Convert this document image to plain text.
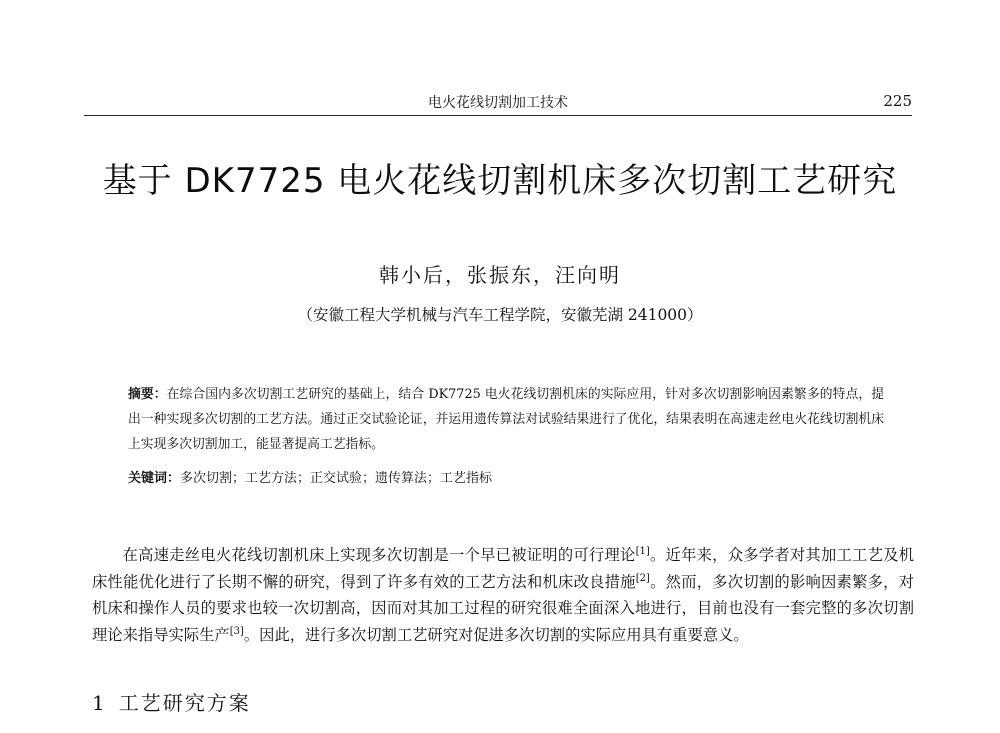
电火花线切割加工技术	225
基于 DK7725 电火花线切割机床多次切割工艺研究
韩小后，张振东，汪向明
（安徽工程大学机械与汽车工程学院，安徽芜湖 241000）
摘要：在综合国内多次切割工艺研究的基础上，结合 DK7725 电火花线切割机床的实际应用，针对多次切割影响因素繁多的特点，提出一种实现多次切割的工艺方法。通过正交试验论证，并运用遗传算法对试验结果进行了优化，结果表明在高速走丝电火花线切割机床上实现多次切割加工，能显著提高工艺指标。
关键词：多次切割；工艺方法；正交试验；遗传算法；工艺指标

在高速走丝电火花线切割机床上实现多次切割是一个早已被证明的可行理论[1]。近年来，众多学者对其加工工艺及机床性能优化进行了长期不懈的研究，得到了许多有效的工艺方法和机床改良措施[2]。然而，多次切割的影响因素繁多，对机床和操作人员的要求也较一次切割高，因而对其加工过程的研究很难全面深入地进行，目前也没有一套完整的多次切割理论来指导实际生产[3]。因此，进行多次切割工艺研究对促进多次切割的实际应用具有重要意义。

1 工艺研究方案
